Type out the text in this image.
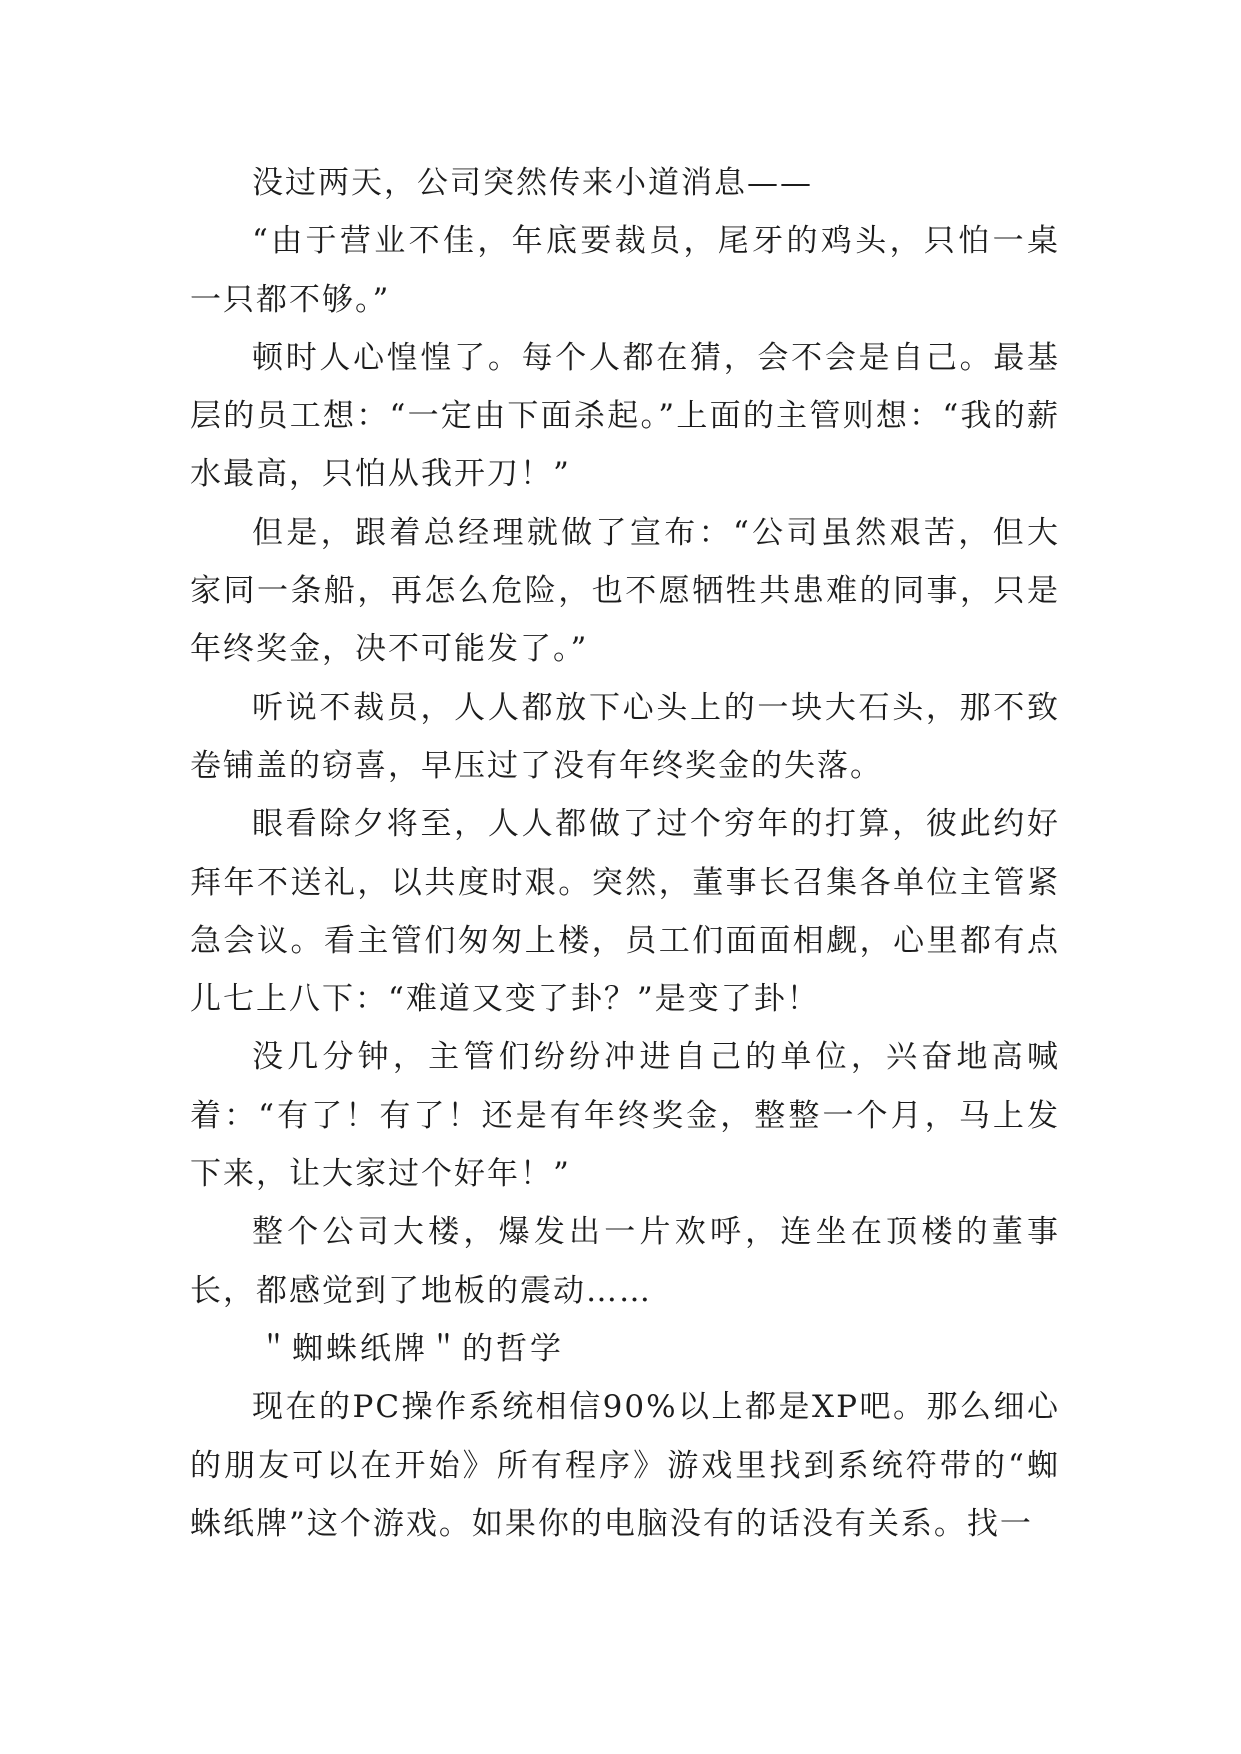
没过两天，公司突然传来小道消息——

“由于营业不佳，年底要裁员，尾牙的鸡头，只怕一桌一只都不够。”

顿时人心惶惶了。每个人都在猜，会不会是自己。最基层的员工想：“一定由下面杀起。”上面的主管则想：“我的薪水最高，只怕从我开刀！”

但是，跟着总经理就做了宣布：“公司虽然艰苦，但大家同一条船，再怎么危险，也不愿牺牲共患难的同事，只是年终奖金，决不可能发了。”

听说不裁员，人人都放下心头上的一块大石头，那不致卷铺盖的窃喜，早压过了没有年终奖金的失落。

眼看除夕将至，人人都做了过个穷年的打算，彼此约好拜年不送礼，以共度时艰。突然，董事长召集各单位主管紧急会议。看主管们匆匆上楼，员工们面面相觑，心里都有点儿七上八下：“难道又变了卦？”是变了卦！

没几分钟，主管们纷纷冲进自己的单位，兴奋地高喊着：“有了！有了！还是有年终奖金，整整一个月，马上发下来，让大家过个好年！”

整个公司大楼，爆发出一片欢呼，连坐在顶楼的董事长，都感觉到了地板的震动……

＂蜘蛛纸牌＂的哲学

现在的PC操作系统相信90%以上都是XP吧。那么细心的朋友可以在开始》所有程序》游戏里找到系统符带的“蜘蛛纸牌”这个游戏。如果你的电脑没有的话没有关系。找一
